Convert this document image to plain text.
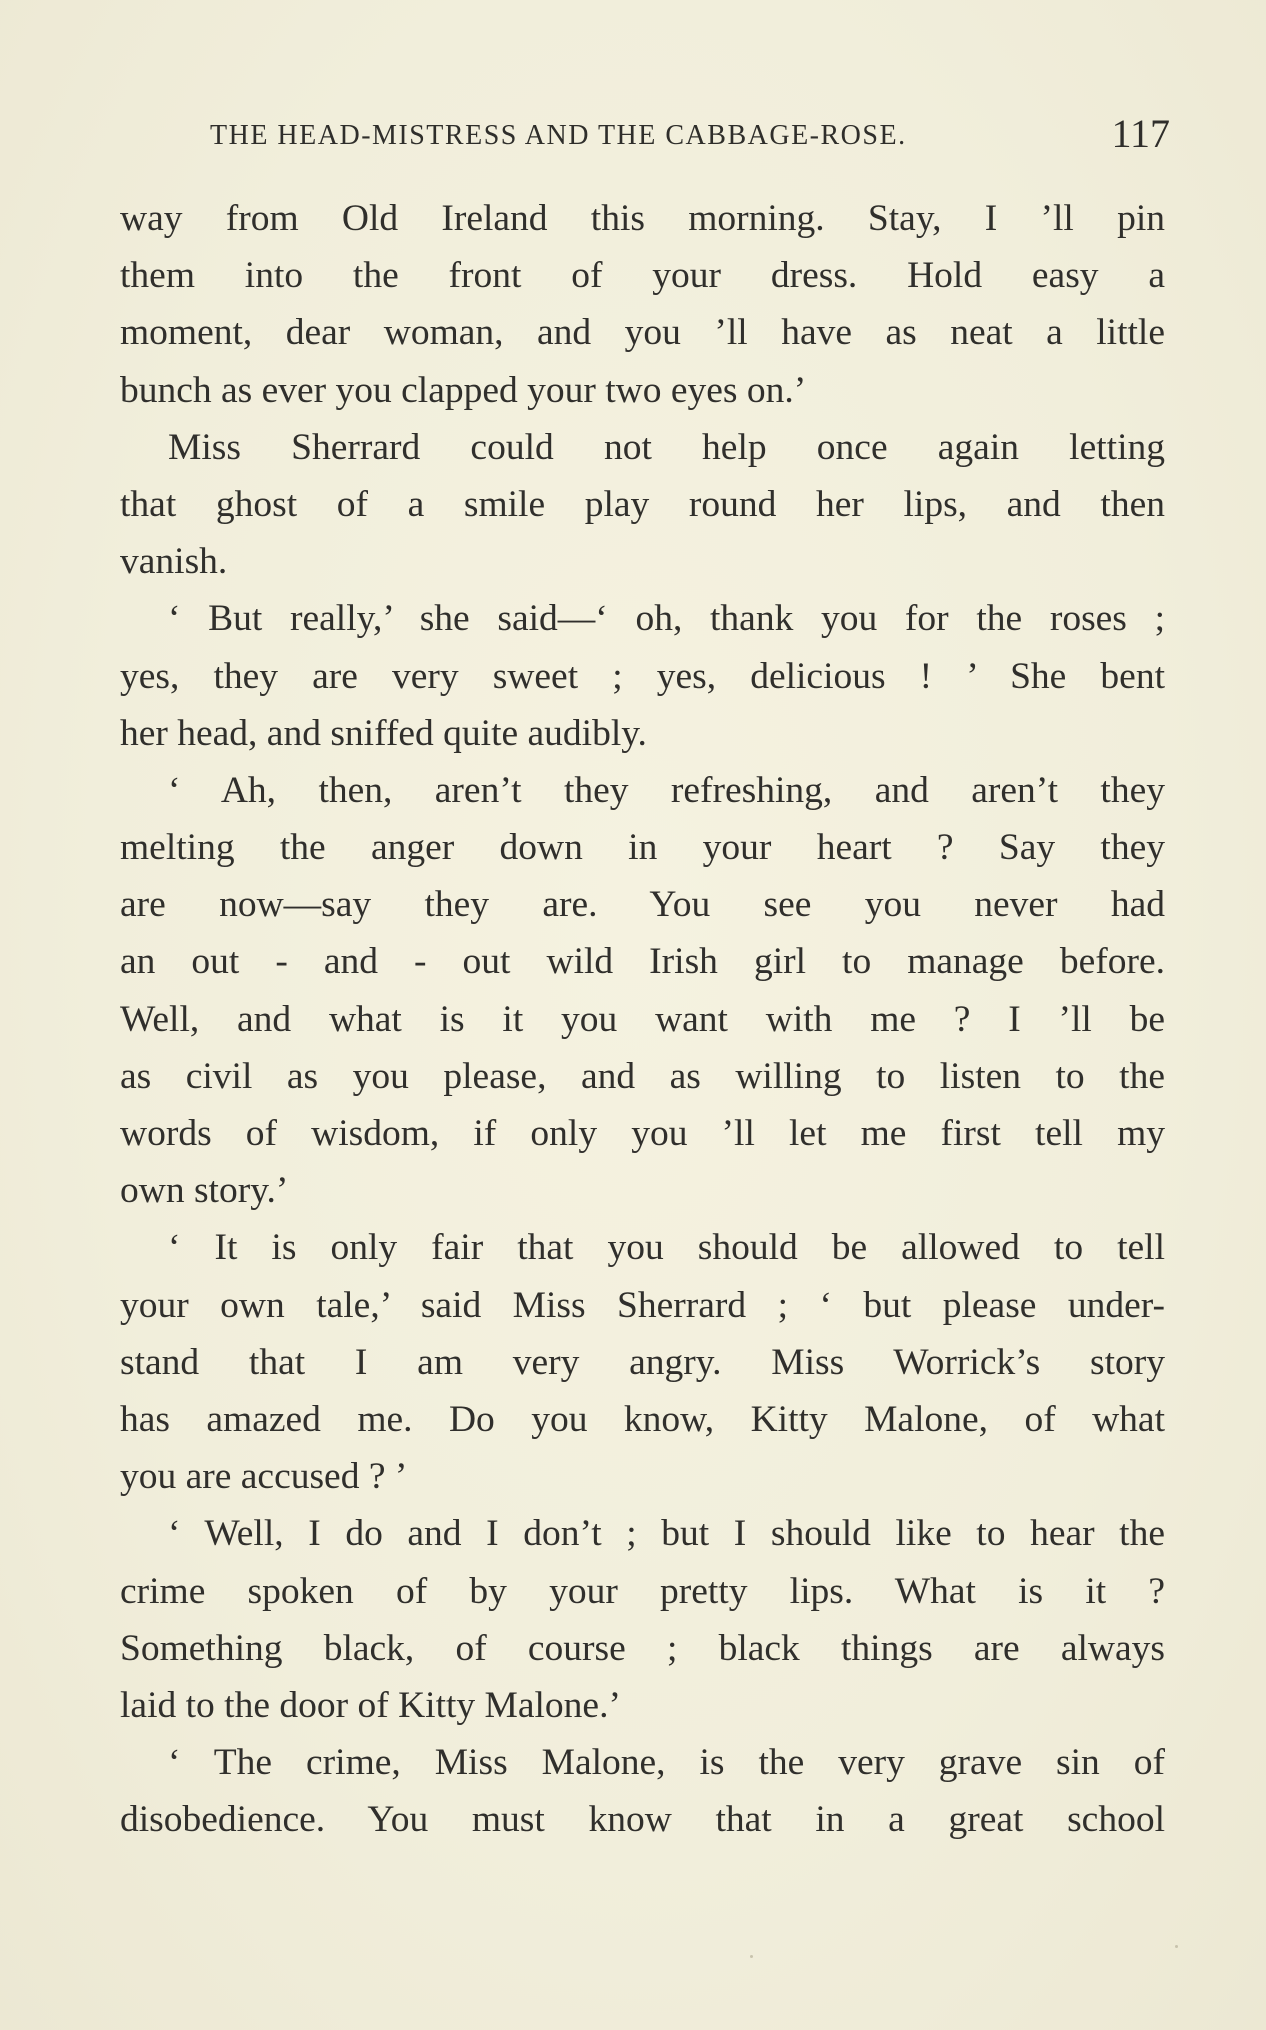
THE HEAD-MISTRESS AND THE CABBAGE-ROSE.	117
way from Old Ireland this morning. Stay, I ’ll pin
them into the front of your dress. Hold easy a
moment, dear woman, and you ’ll have as neat a little
bunch as ever you clapped your two eyes on.’
Miss Sherrard could not help once again letting
that ghost of a smile play round her lips, and then
vanish.
‘ But really,’ she said—‘ oh, thank you for the roses ;
yes, they are very sweet ; yes, delicious ! ’ She bent
her head, and sniffed quite audibly.
‘ Ah, then, aren’t they refreshing, and aren’t they
melting the anger down in your heart ? Say they
are now—say they are. You see you never had
an out - and - out wild Irish girl to manage before.
Well, and what is it you want with me ? I ’ll be
as civil as you please, and as willing to listen to the
words of wisdom, if only you ’ll let me first tell my
own story.’
‘ It is only fair that you should be allowed to tell
your own tale,’ said Miss Sherrard ; ‘ but please under-
stand that I am very angry. Miss Worrick’s story
has amazed me. Do you know, Kitty Malone, of what
you are accused ? ’
‘ Well, I do and I don’t ; but I should like to hear the
crime spoken of by your pretty lips. What is it ?
Something black, of course ; black things are always
laid to the door of Kitty Malone.’
‘ The crime, Miss Malone, is the very grave sin of
disobedience. You must know that in a great school
